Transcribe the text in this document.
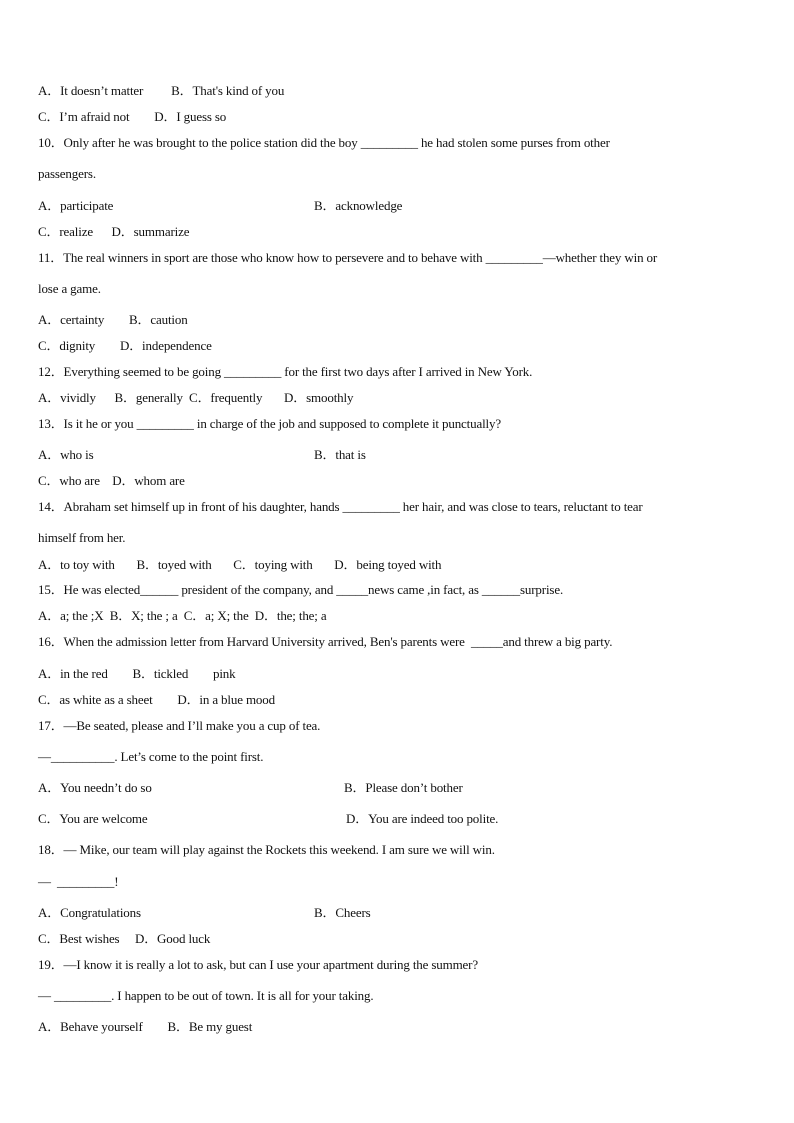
A．It doesn’t matter         B．That's kind of you
C．I’m afraid not        D．I guess so
10．Only after he was brought to the police station did the boy _________ he had stolen some purses from other
passengers.
A．participate	B．acknowledge
C．realize      D．summarize
11．The real winners in sport are those who know how to persevere and to behave with _________—whether they win or
lose a game.
A．certainty        B．caution
C．dignity        D．independence
12．Everything seemed to be going _________ for the first two days after I arrived in New York.
A．vividly      B．generally  C．frequently       D．smoothly
13．Is it he or you _________ in charge of the job and supposed to complete it punctually?
A．who is	B．that is
C．who are    D．whom are
14．Abraham set himself up in front of his daughter, hands _________ her hair, and was close to tears, reluctant to tear
himself from her.
A．to toy with       B．toyed with       C．toying with       D．being toyed with
15．He was elected______ president of the company, and _____news came ,in fact, as ______surprise.
A．a; the ;X  B．X; the ; a  C．a; X; the  D．the; the; a
16．When the admission letter from Harvard University arrived, Ben's parents were  _____and threw a big party.
A．in the red        B．tickled        pink
C．as white as a sheet        D．in a blue mood
17．—Be seated, please and I’ll make you a cup of tea.
—__________. Let’s come to the point first.
A．You needn’t do so	B．Please don’t bother
C．You are welcome	D．You are indeed too polite.
18．— Mike, our team will play against the Rockets this weekend. I am sure we will win.
—  _________!
A．Congratulations	B．Cheers
C．Best wishes     D．Good luck
19．—I know it is really a lot to ask, but can I use your apartment during the summer?
— _________. I happen to be out of town. It is all for your taking.
A．Behave yourself        B．Be my guest
